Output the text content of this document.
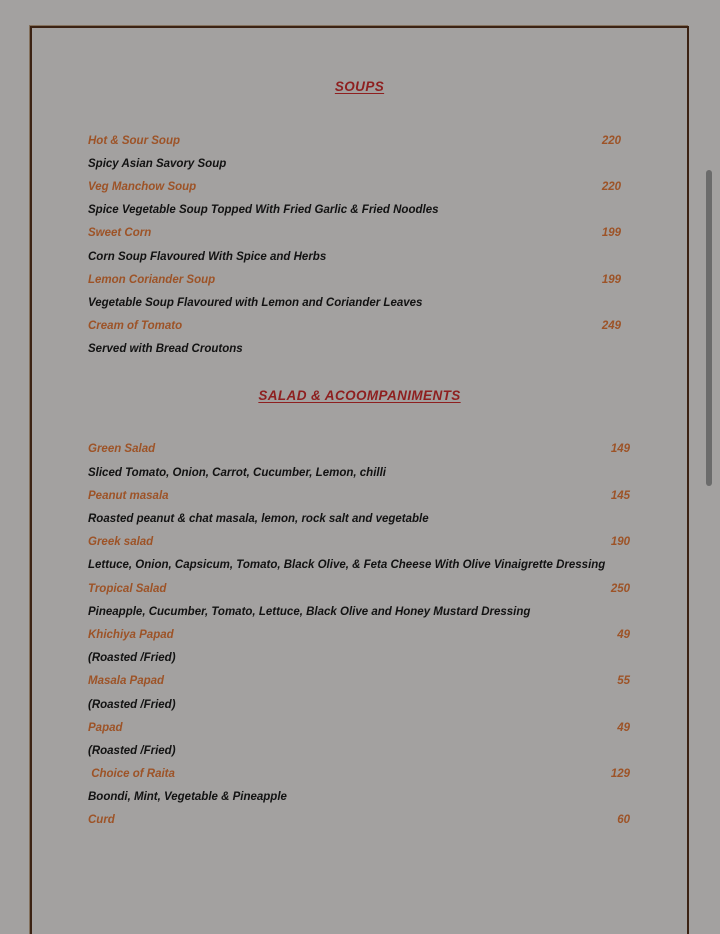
SOUPS
Hot & Sour Soup	220
Spicy Asian Savory Soup
Veg Manchow Soup	220
Spice Vegetable Soup Topped With Fried Garlic & Fried Noodles
Sweet Corn	199
Corn Soup Flavoured With Spice and Herbs
Lemon Coriander Soup	199
Vegetable Soup Flavoured with Lemon and Coriander Leaves
Cream of Tomato	249
Served with Bread Croutons
SALAD & ACOOMPANIMENTS
Green Salad	149
Sliced Tomato, Onion, Carrot, Cucumber, Lemon, chilli
Peanut masala	145
Roasted peanut & chat masala, lemon, rock salt and vegetable
Greek salad	190
Lettuce, Onion, Capsicum, Tomato, Black Olive, & Feta Cheese With Olive Vinaigrette Dressing
Tropical Salad	250
Pineapple, Cucumber, Tomato, Lettuce, Black Olive and Honey Mustard Dressing
Khichiya Papad	49
(Roasted /Fried)
Masala Papad	55
(Roasted /Fried)
Papad	49
(Roasted /Fried)
Choice of Raita	129
Boondi, Mint, Vegetable & Pineapple
Curd	60
